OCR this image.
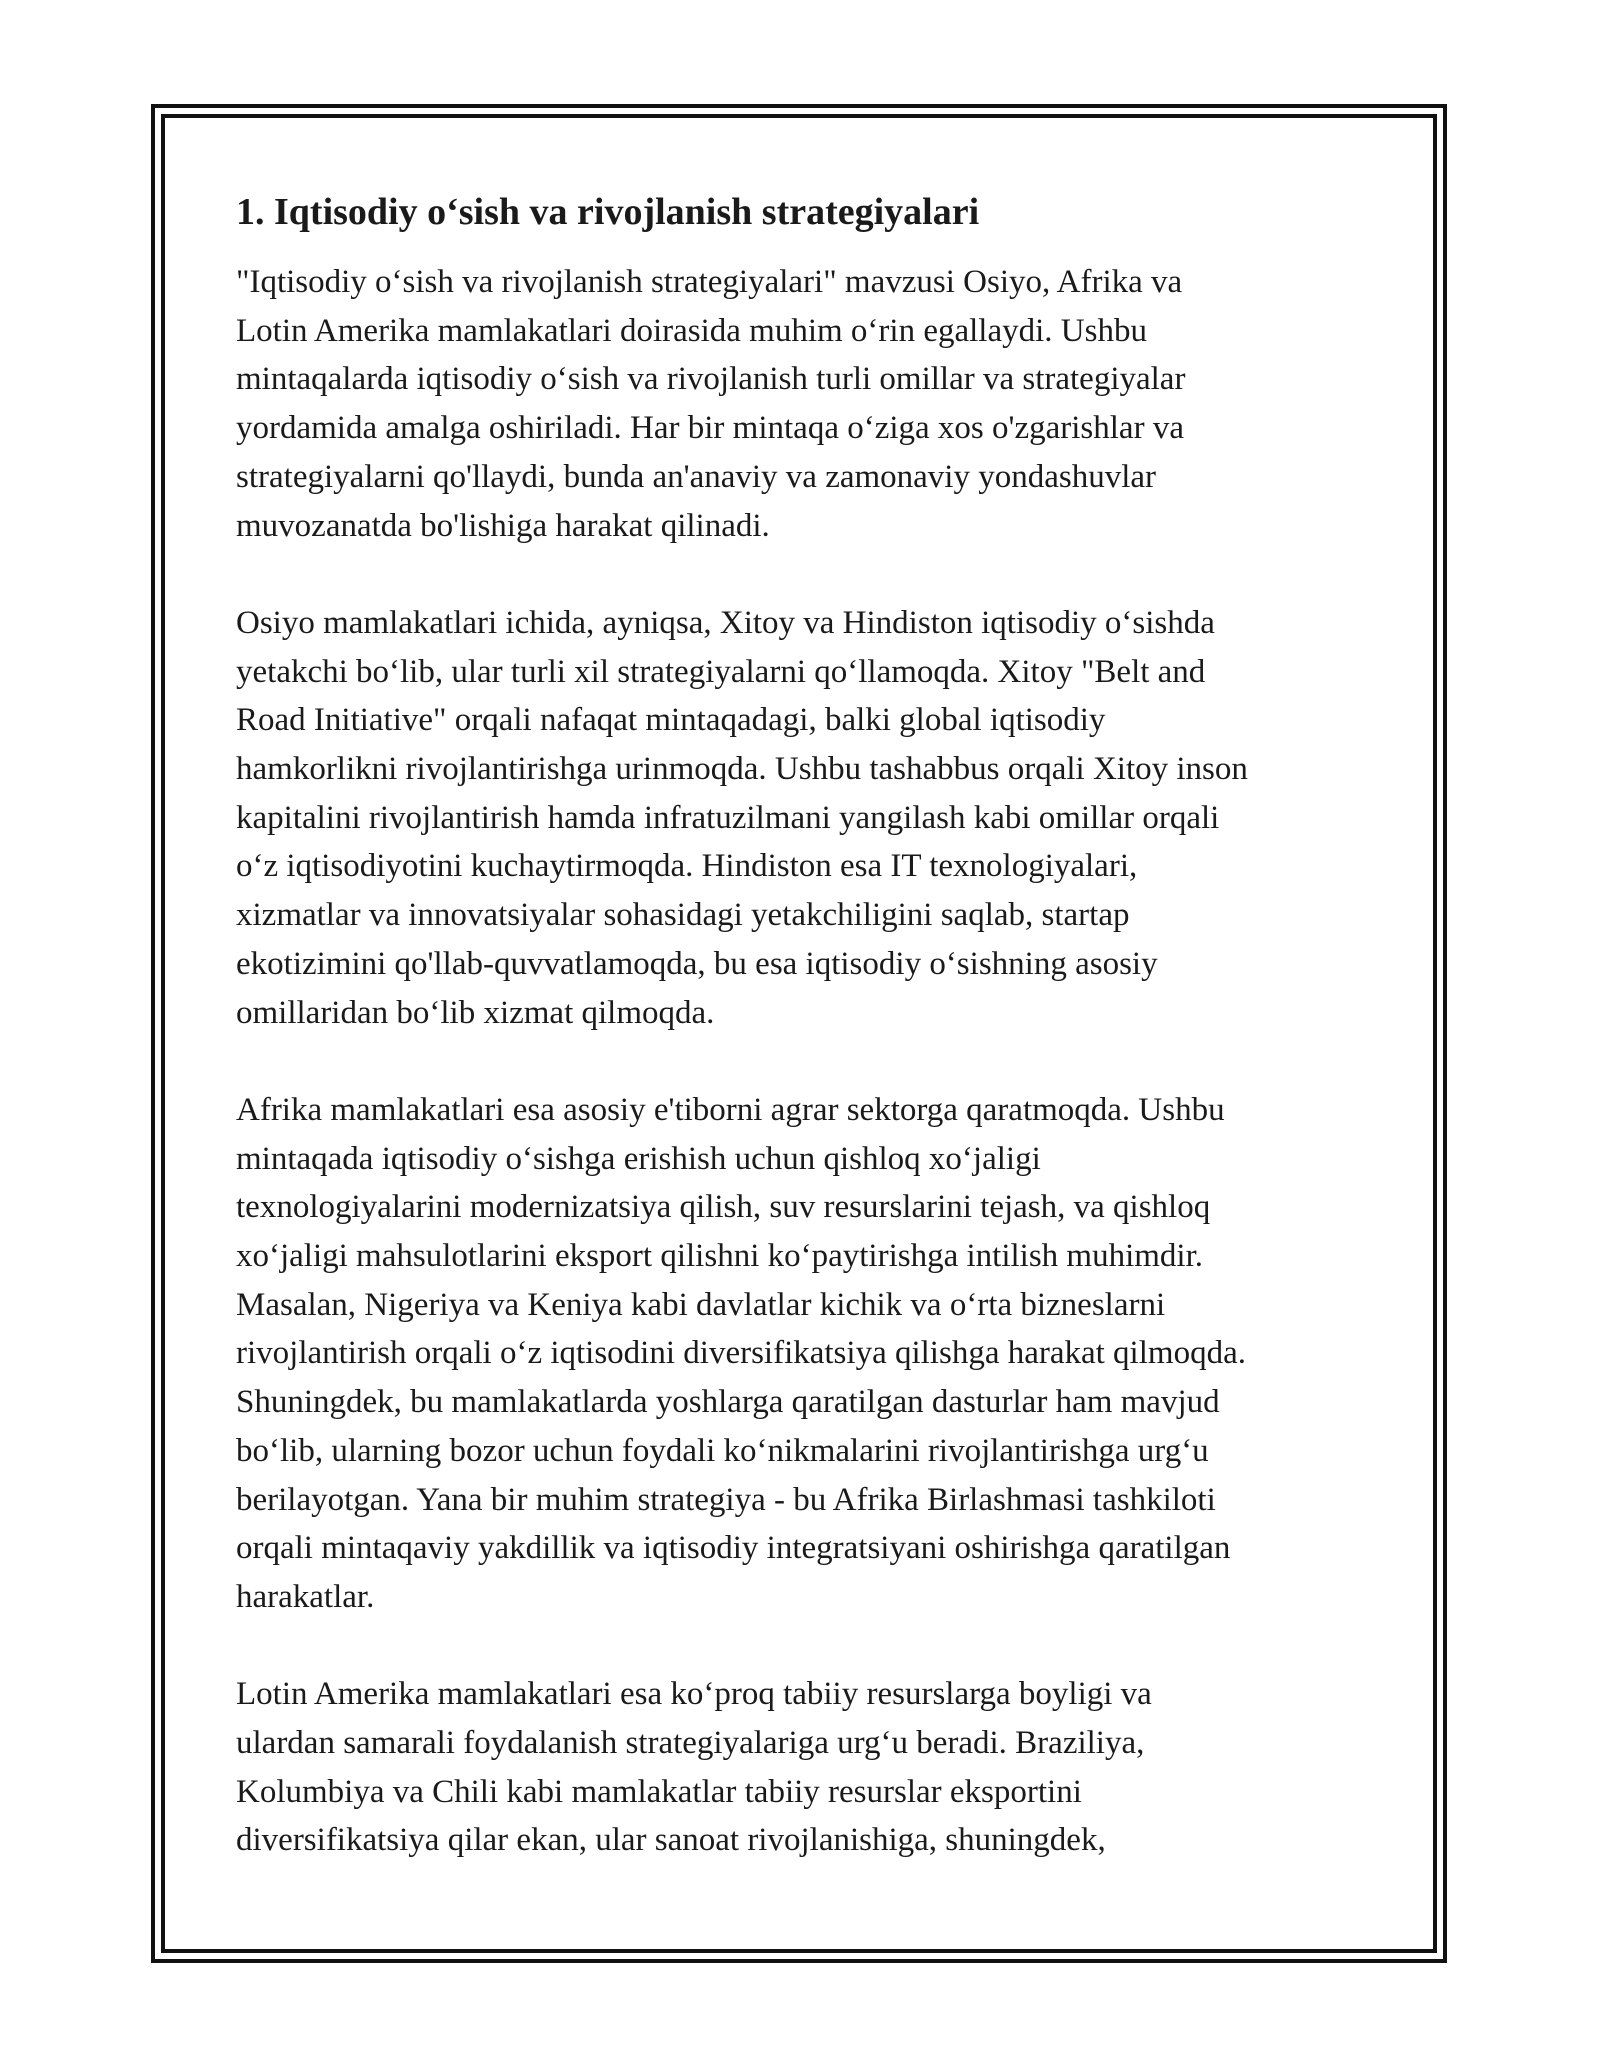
1. Iqtisodiy o‘sish va rivojlanish strategiyalari

"Iqtisodiy o‘sish va rivojlanish strategiyalari" mavzusi Osiyo, Afrika va
Lotin Amerika mamlakatlari doirasida muhim o‘rin egallaydi. Ushbu
mintaqalarda iqtisodiy o‘sish va rivojlanish turli omillar va strategiyalar
yordamida amalga oshiriladi. Har bir mintaqa o‘ziga xos o'zgarishlar va
strategiyalarni qo'llaydi, bunda an'anaviy va zamonaviy yondashuvlar
muvozanatda bo'lishiga harakat qilinadi.

Osiyo mamlakatlari ichida, ayniqsa, Xitoy va Hindiston iqtisodiy o‘sishda
yetakchi bo‘lib, ular turli xil strategiyalarni qo‘llamoqda. Xitoy "Belt and
Road Initiative" orqali nafaqat mintaqadagi, balki global iqtisodiy
hamkorlikni rivojlantirishga urinmoqda. Ushbu tashabbus orqali Xitoy inson
kapitalini rivojlantirish hamda infratuzilmani yangilash kabi omillar orqali
o‘z iqtisodiyotini kuchaytirmoqda. Hindiston esa IT texnologiyalari,
xizmatlar va innovatsiyalar sohasidagi yetakchiligini saqlab, startap
ekotizimini qo'llab-quvvatlamoqda, bu esa iqtisodiy o‘sishning asosiy
omillaridan bo‘lib xizmat qilmoqda.

Afrika mamlakatlari esa asosiy e'tiborni agrar sektorga qaratmoqda. Ushbu
mintaqada iqtisodiy o‘sishga erishish uchun qishloq xo‘jaligi
texnologiyalarini modernizatsiya qilish, suv resurslarini tejash, va qishloq
xo‘jaligi mahsulotlarini eksport qilishni ko‘paytirishga intilish muhimdir.
Masalan, Nigeriya va Keniya kabi davlatlar kichik va o‘rta bizneslarni
rivojlantirish orqali o‘z iqtisodini diversifikatsiya qilishga harakat qilmoqda.
Shuningdek, bu mamlakatlarda yoshlarga qaratilgan dasturlar ham mavjud
bo‘lib, ularning bozor uchun foydali ko‘nikmalarini rivojlantirishga urg‘u
berilayotgan. Yana bir muhim strategiya - bu Afrika Birlashmasi tashkiloti
orqali mintaqaviy yakdillik va iqtisodiy integratsiyani oshirishga qaratilgan
harakatlar.

Lotin Amerika mamlakatlari esa ko‘proq tabiiy resurslarga boyligi va
ulardan samarali foydalanish strategiyalariga urg‘u beradi. Braziliya,
Kolumbiya va Chili kabi mamlakatlar tabiiy resurslar eksportini
diversifikatsiya qilar ekan, ular sanoat rivojlanishiga, shuningdek,
